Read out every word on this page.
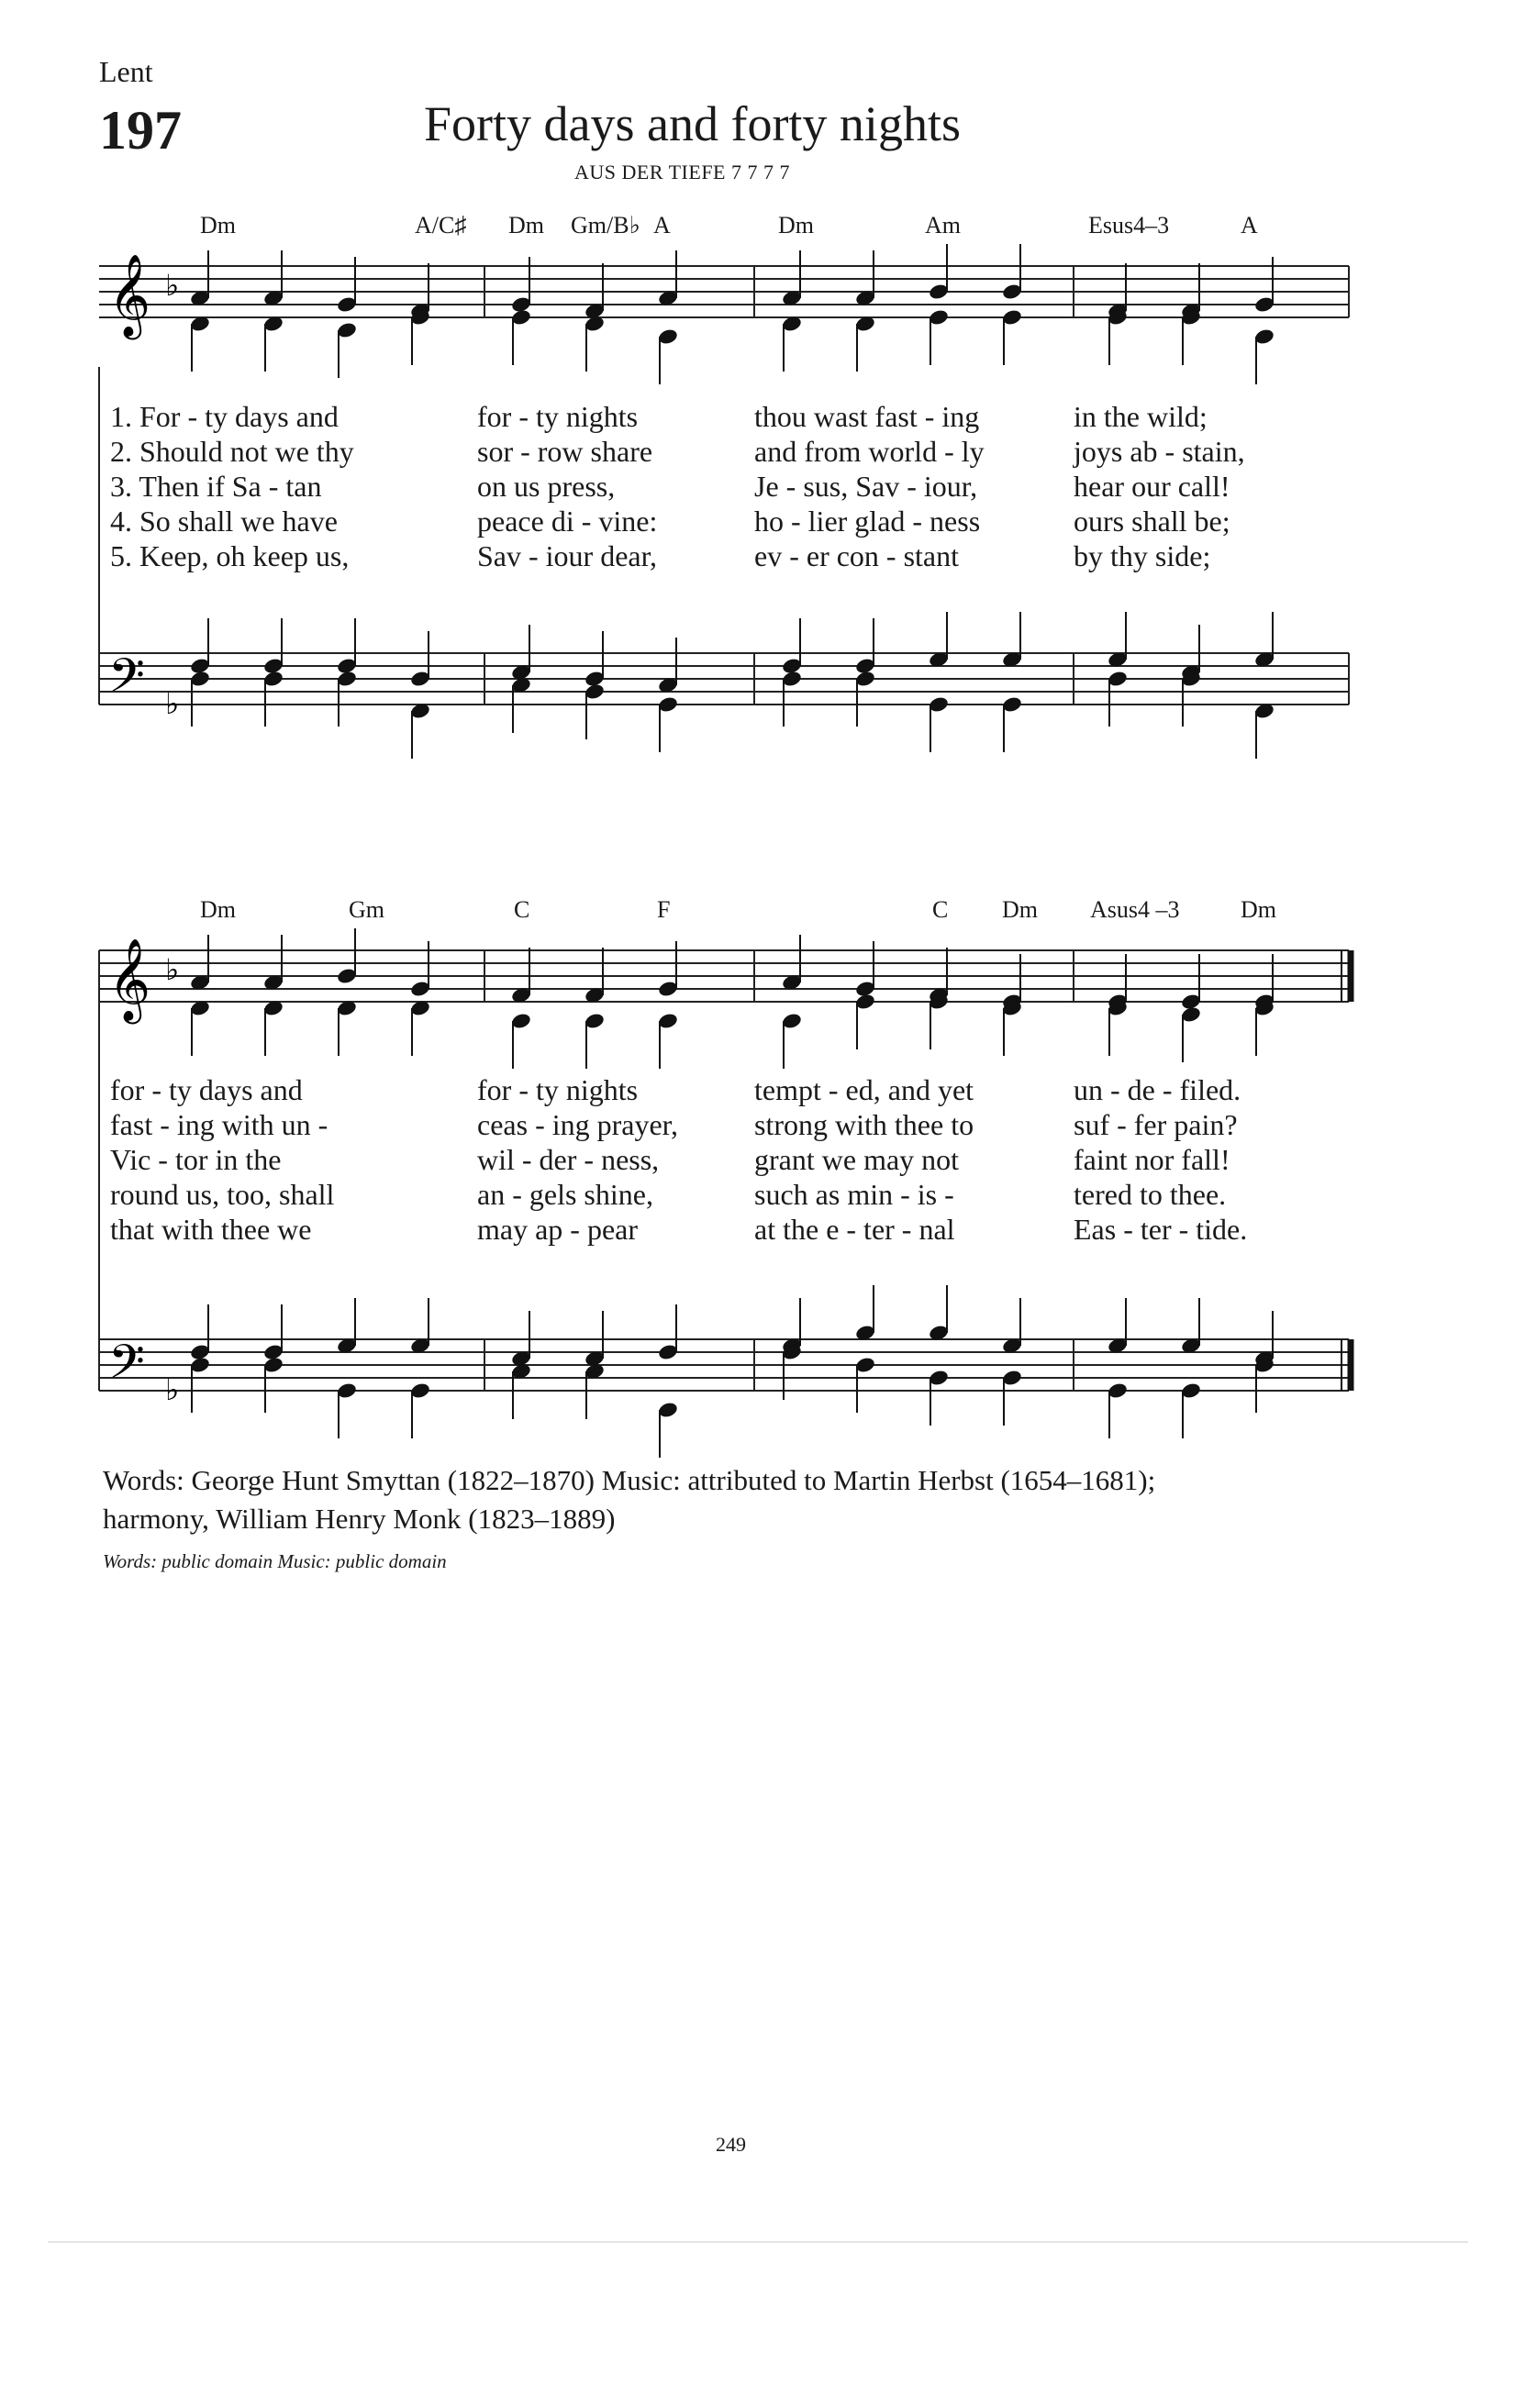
Lent
197	Forty days and forty nights
AUS DER TIEFE 7 7 7 7
Dm	A/C♯ Dm Gm/B♭ A	Dm	Am	Esus4–3	A
𝄞 ♭
1. For - ty days and	for - ty nights	thou wast fast - ing	in the wild;
2. Should not we thy	sor - row share	and from world - ly	joys ab - stain,
3. Then if Sa - tan	on us press,	Je - sus, Sav - iour,	hear our call!
4. So shall we have	peace di - vine:	ho - lier glad - ness	ours shall be;
5. Keep, oh keep us,	Sav - iour dear,	ev - er con - stant	by thy side;
𝄢 ♭
Dm	Gm	C	F	C Dm Asus4 –3	Dm
𝄞 ♭
for - ty days and	for - ty nights	tempt - ed, and yet	un - de - filed.
fast - ing with un -	ceas - ing prayer,	strong with thee to	suf - fer pain?
Vic - tor in the	wil - der - ness,	grant we may not	faint nor fall!
round us, too, shall	an - gels shine,	such as min - is -	tered to thee.
that with thee we	may ap - pear	at the e - ter - nal	Eas - ter - tide.
𝄢 ♭
Words: George Hunt Smyttan (1822–1870) Music: attributed to Martin Herbst (1654–1681);
harmony, William Henry Monk (1823–1889)
Words: public domain Music: public domain
249
